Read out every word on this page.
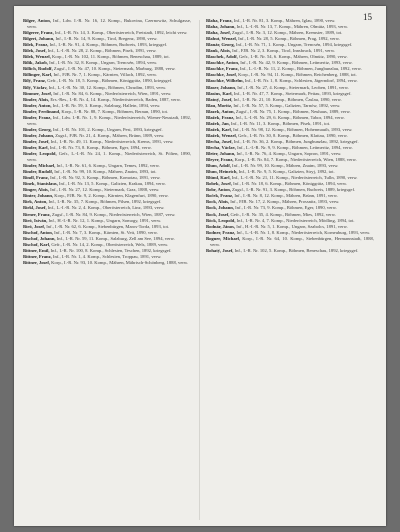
15

Bilger, Anton, Inf., Ldw. I.-R. Nr. 16, 12. Komp., Bukovina, Czernowitz, Schulgasse, verw.

Bilgerer, Franz, Inf., I.-R. Nr. 14, 3. Komp., Oberösterreich, Freistadt, 1892, leicht verw.

Bilgeri, Johann, Inf., I.-R. Nr. 14, 9. Komp., Tirol, Bregenz, 1890, verw.

Bilek, Franz, Inf., I.-R. Nr. 91, 4. Komp., Böhmen, Budweis, 1893, kriegsgef.

Bilek, Josef, Inf., L.-I.-R. Nr. 28, 2. Komp., Böhmen, Pisek, 1891, verw.

Bilek, Wenzel, Korp., I.-R. Nr. 102, 11. Komp., Böhmen, Beneschau, 1889, tot.

Bílik, Jakob, Inf., I.-R. Nr. 32, 8. Komp., Ungarn, Trencsén, 1894, verw.

Billich, Rudolf, Zugsf., I.-R. Nr. 47, 10. Komp., Steiermark, Marburg, 1888, verw.

Billinger, Karl, Inf., FJB. Nr. 7, 1. Komp., Kärnten, Villach, 1892, verw.

Bílý, Franz, Gefr., I.-R. Nr. 18, 5. Komp., Böhmen, Königgrätz, 1890, kriegsgef.

Bílý, Václav, Inf., L.-I.-R. Nr. 30, 12. Komp., Böhmen, Chrudim, 1893, verw.

Bimmer, Josef, Inf., I.-R. Nr. 84, 6. Komp., Niederösterreich, Wien, 1891, verw.

Binder, Alois, Ers.-Res., I.-R. Nr. 4, 14. Komp., Niederösterreich, Baden, 1887, verw.

Binder, Anton, Inf., I.-R. Nr. 59, 3. Komp., Salzburg, Hallein, 1894, verw.

Binder, Ferdinand, Korp., I.-R. Nr. 88, 7. Komp., Böhmen, Beraun, 1890, tot.

Binder, Franz, Inf., Ldw. I.-R. Nr. 1, 9. Komp., Niederösterreich, Wiener-Neustadt, 1892, verw.

Binder, Georg, Inf., I.-R. Nr. 101, 2. Komp., Ungarn, Pest, 1893, kriegsgef.

Binder, Johann, Zugsf., FJB. Nr. 21, 4. Komp., Mähren, Brünn, 1889, verw.

Binder, Josef, Inf., I.-R. Nr. 49, 11. Komp., Niederösterreich, Krems, 1891, verw.

Binder, Karl, Inf., I.-R. Nr. 73, 8. Komp., Böhmen, Eger, 1894, verw.

Binder, Leopold, Gefr., L.-I.-R. Nr. 24, 1. Komp., Niederösterreich, St. Pölten, 1890, verw.

Binder, Michael, Inf., I.-R. Nr. 61, 6. Komp., Ungarn, Temes, 1892, verw.

Binder, Rudolf, Inf., I.-R. Nr. 99, 10. Komp., Mähren, Znaim, 1893, tot.

Bindl, Franz, Inf., I.-R. Nr. 92, 3. Komp., Böhmen, Komotau, 1891, verw.

Binek, Stanislaus, Inf., I.-R. Nr. 13, 5. Komp., Galizien, Krakau, 1894, verw.

Binger, Alois, Inf., I.-R. Nr. 27, 12. Komp., Steiermark, Graz, 1888, verw.

Binter, Johann, Korp., FJB. Nr. 9, 2. Komp., Kärnten, Klagenfurt, 1890, verw.

Birk, Anton, Inf., I.-R. Nr. 35, 7. Komp., Böhmen, Pilsen, 1892, kriegsgef.

Birkl, Josef, Inf., L.-I.-R. Nr. 2, 4. Komp., Oberösterreich, Linz, 1893, verw.

Birner, Franz, Zugsf., I.-R. Nr. 84, 9. Komp., Niederösterreich, Wien, 1887, verw.

Biró, István, Inf., H.-I.-R. Nr. 12, 1. Komp., Ungarn, Somogy, 1891, verw.

Biró, Josef, Inf., I.-R. Nr. 62, 6. Komp., Siebenbürgen, Maros-Torda, 1893, tot.

Bischof, Anton, Inf., I.-R. Nr. 7, 3. Komp., Kärnten, St. Veit, 1890, verw.

Bischof, Johann, Inf., I.-R. Nr. 59, 11. Komp., Salzburg, Zell am See, 1894, verw.

Bischof, Karl, Gefr., I.-R. Nr. 14, 2. Komp., Oberösterreich, Wels, 1889, verw.

Bittner, Emil, Inf., I.-R. Nr. 100, 8. Komp., Schlesien, Teschen, 1892, kriegsgef.

Bittner, Franz, Inf., I.-R. Nr. 1, 4. Komp., Schlesien, Troppau, 1891, verw.

Bittner, Josef, Korp., I.-R. Nr. 93, 10. Komp., Mähren, Mährisch-Schönberg, 1888, verw.

Blaha, Franz, Inf., I.-R. Nr. 81, 3. Komp., Mähren, Iglau, 1890, verw.

Blaha, Johann, Inf., L.-I.-R. Nr. 13, 7. Komp., Mähren, Olmütz, 1893, verw.

Blaha, Josef, Zugsf., I.-R. Nr. 3, 12. Komp., Mähren, Kremsier, 1889, tot.

Blahut, Wenzel, Inf., I.-R. Nr. 28, 5. Komp., Böhmen, Prag, 1892, verw.

Blanár, Georg, Inf., I.-R. Nr. 71, 1. Komp., Ungarn, Trencsén, 1894, kriegsgef.

Blank, Alois, Inf., FJB. Nr. 2, 3. Komp., Tirol, Innsbruck, 1891, verw.

Blaschek, Adolf, Gefr., I.-R. Nr. 54, 6. Komp., Mähren, Olmütz, 1890, verw.

Blaschke, Anton, Inf., I.-R. Nr. 42, 9. Komp., Böhmen, Leitmeritz, 1893, verw.

Blaschke, Franz, Inf., L.-I.-R. Nr. 11, 2. Komp., Böhmen, Jungbunzlau, 1892, verw.

Blaschke, Josef, Korp., I.-R. Nr. 94, 11. Komp., Böhmen, Reichenberg, 1888, tot.

Blaschke, Wilhelm, Inf., I.-R. Nr. 1, 8. Komp., Schlesien, Jägerndorf, 1894, verw.

Blaser, Johann, Inf., I.-R. Nr. 27, 4. Komp., Steiermark, Leoben, 1891, verw.

Blasius, Karl, Inf., I.-R. Nr. 47, 7. Komp., Steiermark, Pettau, 1893, kriegsgef.

Blatný, Josef, Inf., I.-R. Nr. 21, 10. Komp., Böhmen, Časlau, 1890, verw.

Blau, Moritz, Inf., I.-R. Nr. 57, 5. Komp., Galizien, Tarnów, 1892, verw.

Blazek, Anton, Zugsf., I.-R. Nr. 75, 1. Komp., Böhmen, Neuhaus, 1889, verw.

Blažek, Franz, Inf., L.-I.-R. Nr. 29, 6. Komp., Böhmen, Tabor, 1894, verw.

Blažek, Jan, Inf., I.-R. Nr. 11, 3. Komp., Böhmen, Písek, 1891, tot.

Blažek, Karl, Inf., I.-R. Nr. 98, 12. Komp., Böhmen, Hohenmauth, 1893, verw.

Blažek, Wenzel, Gefr., I.-R. Nr. 30, 8. Komp., Böhmen, Klattau, 1890, verw.

Blecha, Josef, Inf., I.-R. Nr. 36, 2. Komp., Böhmen, Jungbunzlau, 1892, kriegsgef.

Blecha, Václav, Inf., L.-I.-R. Nr. 9, 9. Komp., Böhmen, Leitmeritz, 1894, verw.

Bleier, Johann, Inf., I.-R. Nr. 76, 4. Komp., Ungarn, Sopron, 1891, verw.

Bleyer, Franz, Korp., I.-R. Nr. 84, 7. Komp., Niederösterreich, Wien, 1888, verw.

Blum, Adolf, Inf., I.-R. Nr. 99, 10. Komp., Mähren, Znaim, 1893, verw.

Blum, Heinrich, Inf., I.-R. Nr. 9, 5. Komp., Galizien, Stryj, 1892, tot.

Blüml, Karl, Inf., L.-I.-R. Nr. 21, 11. Komp., Niederösterreich, Tulln, 1890, verw.

Bobek, Josef, Inf., I.-R. Nr. 18, 6. Komp., Böhmen, Königgrätz, 1894, verw.

Bobr, Anton, Zugsf., I.-R. Nr. 91, 3. Komp., Böhmen, Budweis, 1889, kriegsgef.

Boček, Franz, Inf., I.-R. Nr. 8, 12. Komp., Mähren, Brünn, 1891, verw.

Bock, Alois, Inf., FJB. Nr. 17, 2. Komp., Mähren, Prossnitz, 1893, verw.

Bock, Johann, Inf., I.-R. Nr. 73, 9. Komp., Böhmen, Eger, 1890, verw.

Bock, Josef, Gefr., I.-R. Nr. 35, 4. Komp., Böhmen, Mies, 1892, verw.

Böck, Leopold, Inf., I.-R. Nr. 4, 7. Komp., Niederösterreich, Mödling, 1894, tot.

Bodnár, János, Inf., H.-I.-R. Nr. 5, 1. Komp., Ungarn, Szabolcs, 1891, verw.

Bodner, Franz, Inf., L.-I.-R. Nr. 1, 8. Komp., Niederösterreich, Korneuburg, 1893, verw.

Bogner, Michael, Korp., I.-R. Nr. 64, 10. Komp., Siebenbürgen, Hermannstadt, 1888, verw.

Bohatý, Josef, Inf., I.-R. Nr. 102, 5. Komp., Böhmen, Beneschau, 1892, kriegsgef.
